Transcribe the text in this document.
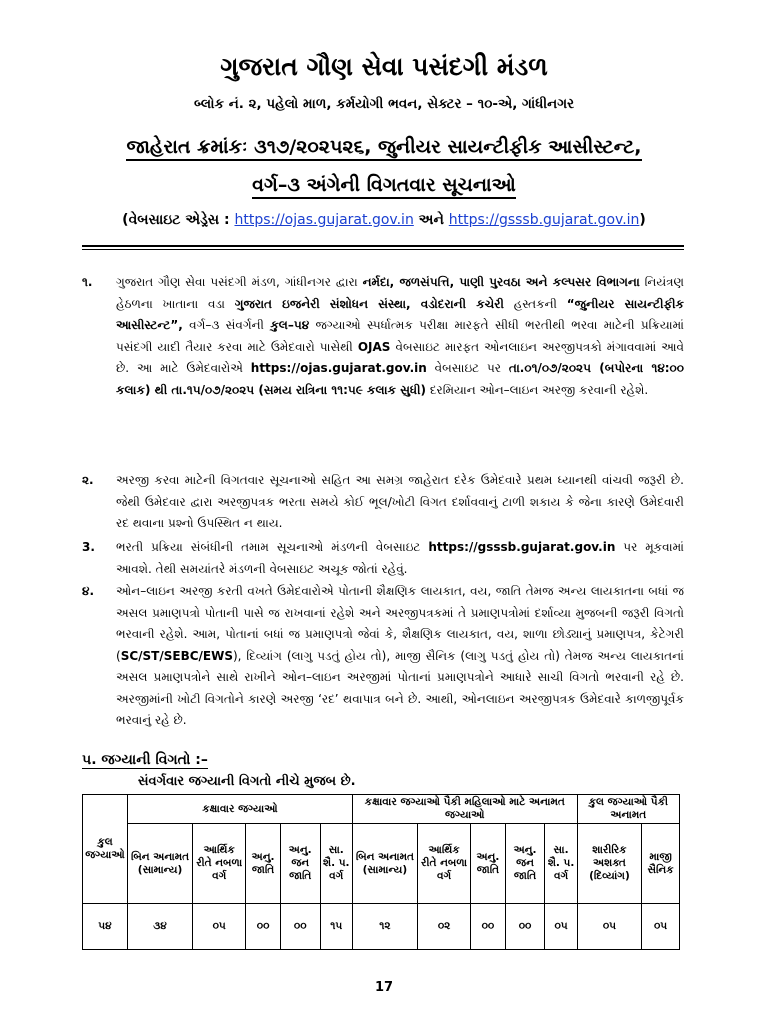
ગુજરાત ગૌણ સેવા પસંદગી મંડળ
બ્લોક નં. ૨, પહેલો માળ, કર્મયોગી ભવન, સેક્ટર – ૧૦-એ, ગાંધીનગર
જાહેરાત ક્રમાંકઃ ૩૧૭/૨૦૨૫૨૬, જુનીયર સાયન્ટીફીક આસીસ્ટન્ટ,
વર્ગ–૩ અંગેની વિગતવાર સૂચનાઓ
(વેબસાઇટ એડ્રેસ : https://ojas.gujarat.gov.in અને https://gsssb.gujarat.gov.in)
૧.	ગુજરાત ગૌણ સેવા પસંદગી મંડળ, ગાંધીનગર દ્વારા નર્મદા, જળસંપત્તિ, પાણી પુરવઠા અને કલ્પસર વિભાગના નિયંત્રણ હેઠળના ખાતાના વડા ગુજરાત ઇજનેરી સંશોધન સંસ્થા, વડોદરાની કચેરી હસ્તકની “જુનીયર સાયન્ટીફીક આસીસ્ટન્ટ”, વર્ગ–૩ સંવર્ગની કુલ–૫૪ જગ્યાઓ સ્પર્ધાત્મક પરીક્ષા મારફતે સીધી ભરતીથી ભરવા માટેની પ્રક્રિયામાં પસંદગી યાદી તૈયાર કરવા માટે ઉમેદવારો પાસેથી OJAS વેબસાઇટ મારફત ઓનલાઇન અરજીપત્રકો મંગાવવામાં આવે છે. આ માટે ઉમેદવારોએ https://ojas.gujarat.gov.in વેબસાઇટ પર તા.૦૧/૦૭/૨૦૨૫ (બપોરના ૧૪:૦૦ કલાક) થી તા.૧૫/૦૭/૨૦૨૫ (સમય રાત્રિના ૧૧:૫૯ કલાક સુધી) દરમિયાન ઓન–લાઇન અરજી કરવાની રહેશે.
૨.	અરજી કરવા માટેની વિગતવાર સૂચનાઓ સહિત આ સમગ્ર જાહેરાત દરેક ઉમેદવારે પ્રથમ ધ્યાનથી વાંચવી જરૂરી છે. જેથી ઉમેદવાર દ્વારા અરજીપત્રક ભરતા સમયે કોઈ ભૂલ/ખોટી વિગત દર્શાવવાનું ટાળી શકાય કે જેના કારણે ઉમેદવારી રદ થવાના પ્રશ્નો ઉપસ્થિત ન થાય.
3.	ભરતી પ્રક્રિયા સંબંધીની તમામ સૂચનાઓ મંડળની વેબસાઇટ https://gsssb.gujarat.gov.in પર મૂકવામાં આવશે. તેથી સમયાંતરે મંડળની વેબસાઇટ અચૂક જોતાં રહેવું.
૪.	ઓન–લાઇન અરજી કરતી વખતે ઉમેદવારોએ પોતાની શૈક્ષણિક લાયકાત, વય, જાતિ તેમજ અન્ય લાયકાતના બધાં જ અસલ પ્રમાણપત્રો પોતાની પાસે જ રાખવાનાં રહેશે અને અરજીપત્રકમાં તે પ્રમાણપત્રોમાં દર્શાવ્યા મુજબની જરૂરી વિગતો ભરવાની રહેશે. આમ, પોતાનાં બધાં જ પ્રમાણપત્રો જેવાં કે, શૈક્ષણિક લાયકાત, વય, શાળા છોડ્યાનું પ્રમાણપત્ર, કેટેગરી (SC/ST/SEBC/EWS), દિવ્યાંગ (લાગુ પડતું હોય તો), માજી સૈનિક (લાગુ પડતું હોય તો) તેમજ અન્ય લાયકાતનાં અસલ પ્રમાણપત્રોને સાથે રાખીને ઓન–લાઇન અરજીમાં પોતાનાં પ્રમાણપત્રોને આધારે સાચી વિગતો ભરવાની રહે છે. અરજીમાંની ખોટી વિગતોને કારણે અરજી ‘રદ’ થવાપાત્ર બને છે. આથી, ઓનલાઇન અરજીપત્રક ઉમેદવારે કાળજીપૂર્વક ભરવાનું રહે છે.
૫. જગ્યાની વિગતો :–
સંવર્ગવાર જગ્યાની વિગતો નીચે મુજબ છે.
કુલ જગ્યાઓ	કક્ષાવાર જગ્યાઓ					કક્ષાવાર જગ્યાઓ પૈકી મહિલાઓ માટે અનામત જગ્યાઓ					કુલ જગ્યાઓ પૈકી અનામત	
	બિન અનામત (સામાન્ય)	આર્થિક રીતે નબળા વર્ગ	અનુ. જાતિ	અનુ. જન જાતિ	સા. શૈ. પ. વર્ગ	બિન અનામત (સામાન્ય)	આર્થિક રીતે નબળા વર્ગ	અનુ. જાતિ	અનુ. જન જાતિ	સા. શૈ. પ. વર્ગ	શારીરિક અશક્ત (દિવ્યાંગ)	માજી સૈનિક
૫૪	૩૪	૦૫	૦૦	૦૦	૧૫	૧૨	૦૨	૦૦	૦૦	૦૫	૦૫	૦૫
17
